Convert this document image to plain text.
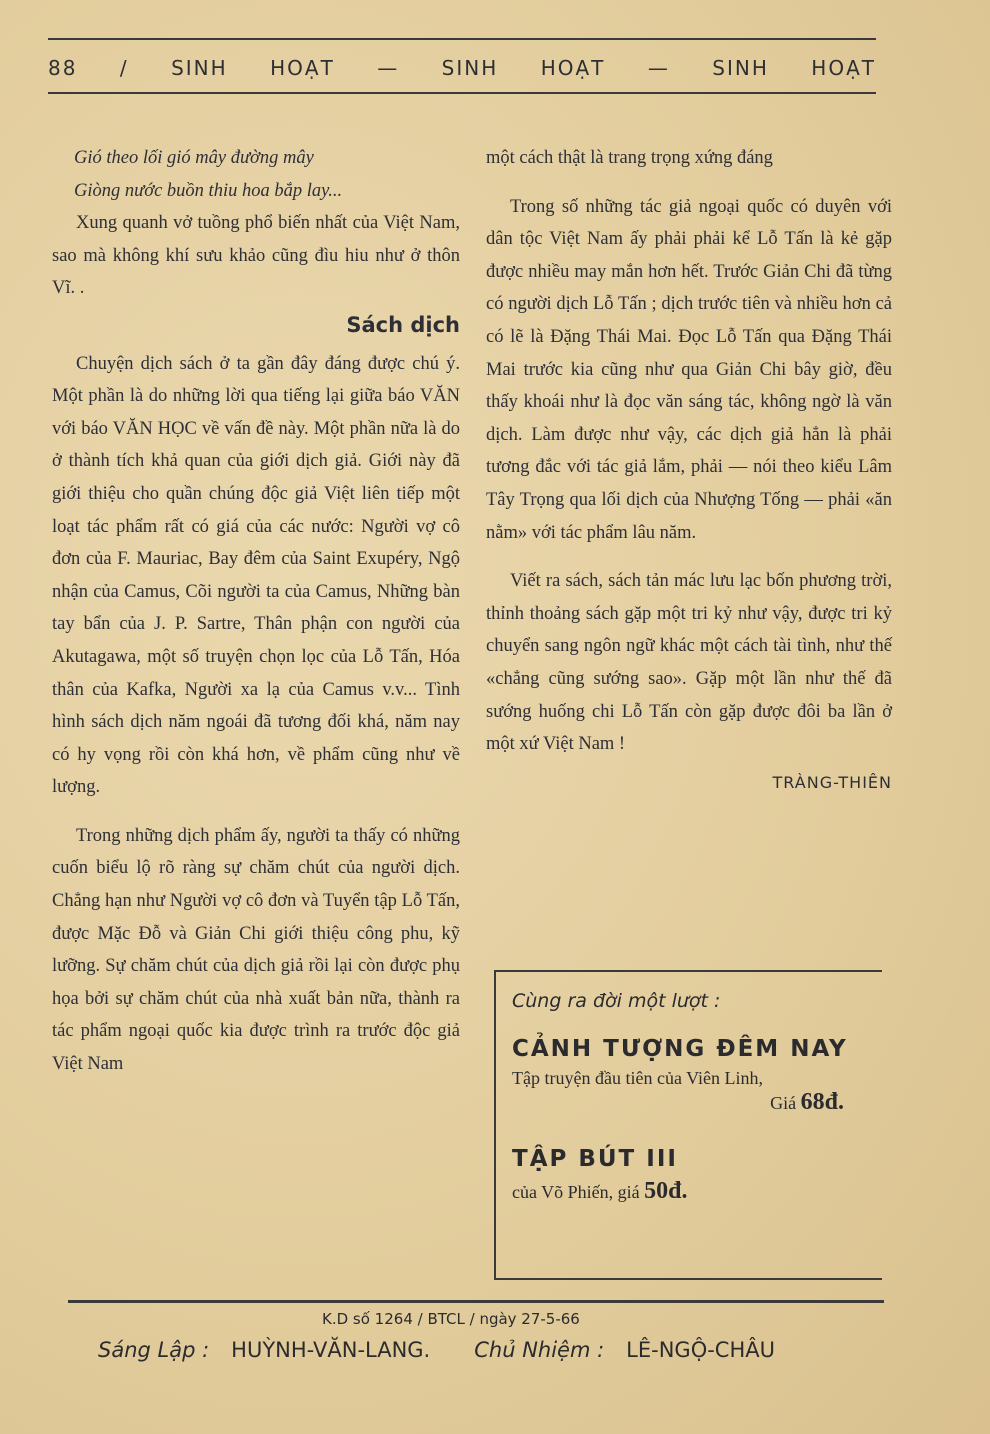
88 / SINH HOẠT — SINH HOẠT — SINH HOẠT

Gió theo lối gió mây đường mây

Giòng nước buồn thiu hoa bắp lay...

Xung quanh vở tuồng phổ biến nhất của Việt Nam, sao mà không khí sưu khảo cũng đìu hiu như ở thôn Vĩ. .

Sách dịch

Chuyện dịch sách ở ta gần đây đáng được chú ý. Một phần là do những lời qua tiếng lại giữa báo VĂN với báo VĂN HỌC về vấn đề này. Một phần nữa là do ở thành tích khả quan của giới dịch giả. Giới này đã giới thiệu cho quần chúng độc giả Việt liên tiếp một loạt tác phẩm rất có giá của các nước: Người vợ cô đơn của F. Mauriac, Bay đêm của Saint Exupéry, Ngộ nhận của Camus, Cõi người ta của Camus, Những bàn tay bẩn của J. P. Sartre, Thân phận con người của Akutagawa, một số truyện chọn lọc của Lỗ Tấn, Hóa thân của Kafka, Người xa lạ của Camus v.v... Tình hình sách dịch năm ngoái đã tương đối khá, năm nay có hy vọng rồi còn khá hơn, về phẩm cũng như về lượng.

Trong những dịch phẩm ấy, người ta thấy có những cuốn biểu lộ rõ ràng sự chăm chút của người dịch. Chẳng hạn như Người vợ cô đơn và Tuyển tập Lỗ Tấn, được Mặc Đỗ và Giản Chi giới thiệu công phu, kỹ lưỡng. Sự chăm chút của dịch giả rồi lại còn được phụ họa bởi sự chăm chút của nhà xuất bản nữa, thành ra tác phẩm ngoại quốc kia được trình ra trước độc giả Việt Nam

một cách thật là trang trọng xứng đáng

Trong số những tác giả ngoại quốc có duyên với dân tộc Việt Nam ấy phải phải kể Lỗ Tấn là kẻ gặp được nhiều may mắn hơn hết. Trước Giản Chi đã từng có người dịch Lỗ Tấn ; dịch trước tiên và nhiều hơn cả có lẽ là Đặng Thái Mai. Đọc Lỗ Tấn qua Đặng Thái Mai trước kia cũng như qua Giản Chi bây giờ, đều thấy khoái như là đọc văn sáng tác, không ngờ là văn dịch. Làm được như vậy, các dịch giả hẳn là phải tương đắc với tác giả lắm, phải — nói theo kiểu Lâm Tây Trọng qua lối dịch của Nhượng Tống — phải «ăn nằm» với tác phẩm lâu năm.

Viết ra sách, sách tản mác lưu lạc bốn phương trời, thỉnh thoảng sách gặp một tri kỷ như vậy, được tri kỷ chuyển sang ngôn ngữ khác một cách tài tình, như thế «chẳng cũng sướng sao». Gặp một lần như thế đã sướng huống chi Lỗ Tấn còn gặp được đôi ba lần ở một xứ Việt Nam !

TRÀNG-THIÊN
Cùng ra đời một lượt :
CẢNH TƯỢNG ĐÊM NAY
Tập truyện đầu tiên của Viên Linh,
Giá 68đ.
TẬP BÚT III
của Võ Phiến, giá 50đ.
K.D số 1264 / BTCL / ngày 27-5-66
Sáng Lập : HUỲNH-VĂN-LANG. Chủ Nhiệm : LÊ-NGỘ-CHÂU
